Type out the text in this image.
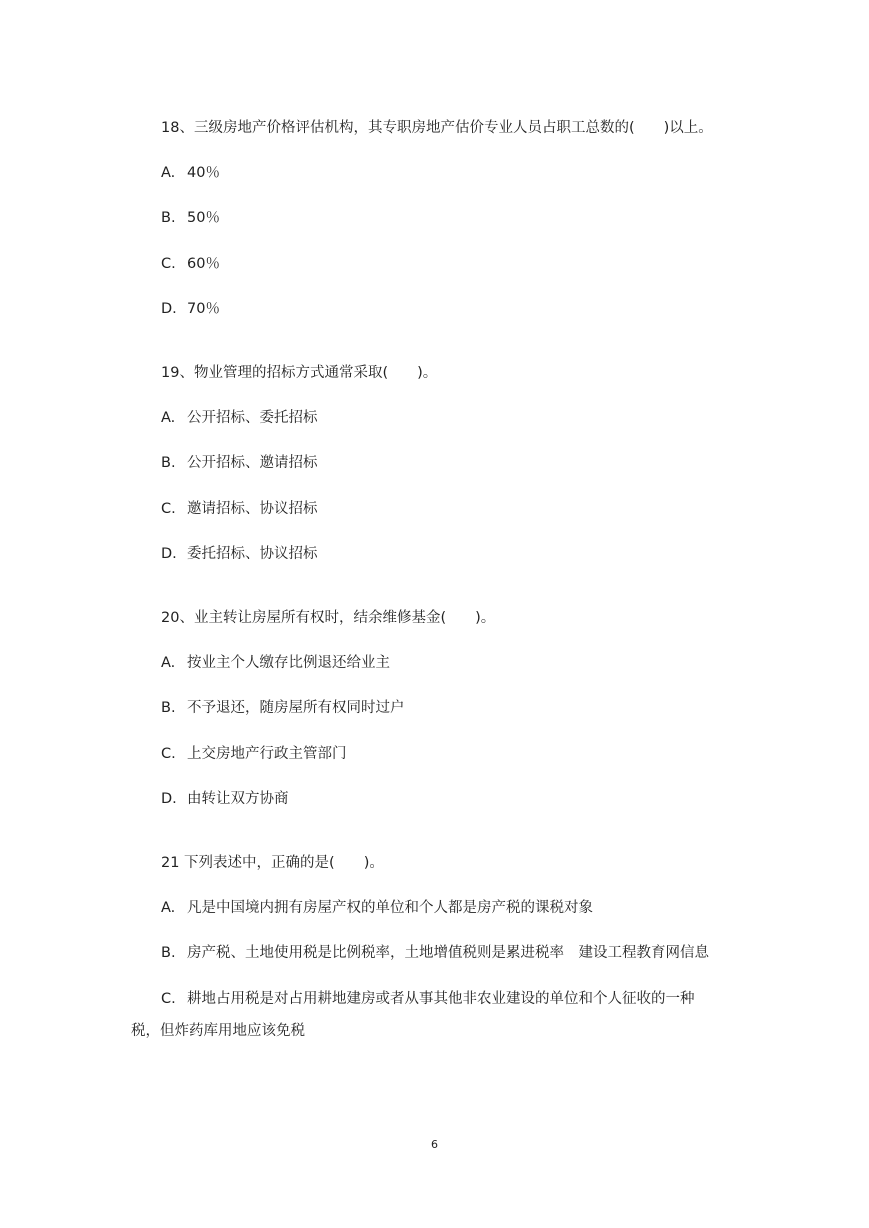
18、三级房地产价格评估机构，其专职房地产估价专业人员占职工总数的(　　)以上。
A. 40％
B. 50％
C. 60％
D. 70％
19、物业管理的招标方式通常采取(　　)。
A. 公开招标、委托招标
B. 公开招标、邀请招标
C. 邀请招标、协议招标
D. 委托招标、协议招标
20、业主转让房屋所有权时，结余维修基金(　　)。
A. 按业主个人缴存比例退还给业主
B. 不予退还，随房屋所有权同时过户
C. 上交房地产行政主管部门
D. 由转让双方协商
21 下列表述中，正确的是(　　)。
A. 凡是中国境内拥有房屋产权的单位和个人都是房产税的课税对象
B. 房产税、土地使用税是比例税率，土地增值税则是累进税率　建设工程教育网信息
C. 耕地占用税是对占用耕地建房或者从事其他非农业建设的单位和个人征收的一种
税，但炸药库用地应该免税
6
